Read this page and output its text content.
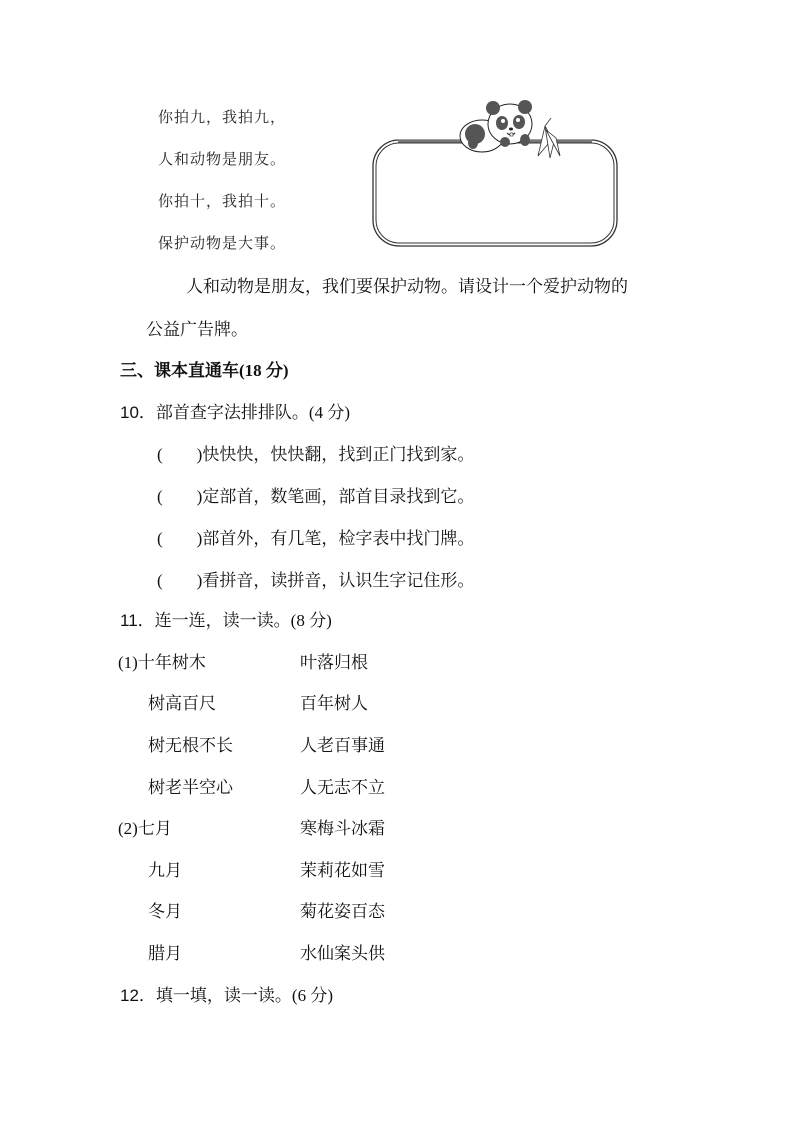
你拍九，我拍九，
人和动物是朋友。
你拍十，我拍十。
保护动物是大事。
人和动物是朋友，我们要保护动物。请设计一个爱护动物的
公益广告牌。
三、课本直通车(18 分)
10．部首查字法排排队。(4 分)
(        )快快快，快快翻，找到正门找到家。
(        )定部首，数笔画，部首目录找到它。
(        )部首外，有几笔，检字表中找门牌。
(        )看拼音，读拼音，认识生字记住形。
11．连一连，读一读。(8 分)
(1)十年树木	叶落归根
树高百尺	百年树人
树无根不长	人老百事通
树老半空心	人无志不立
(2)七月	寒梅斗冰霜
九月	茉莉花如雪
冬月	菊花姿百态
腊月	水仙案头供
12．填一填，读一读。(6 分)
